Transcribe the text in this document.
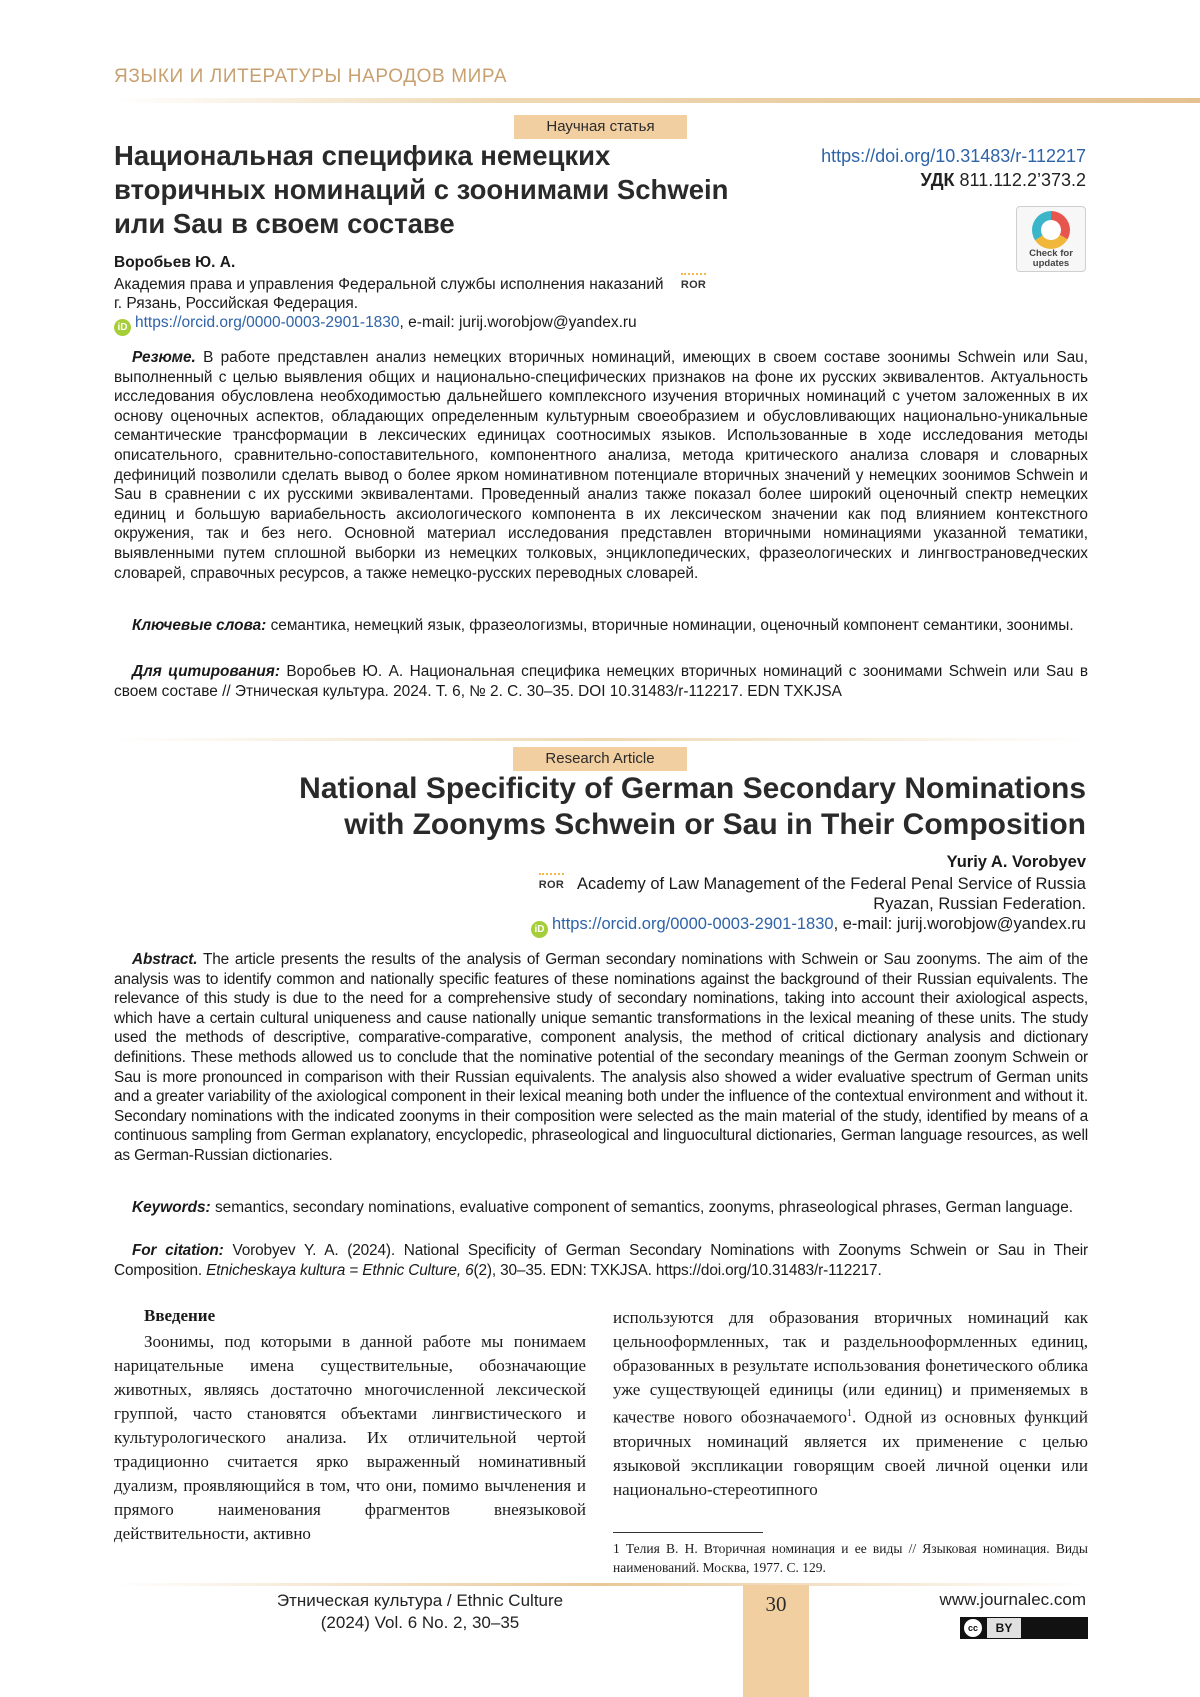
ЯЗЫКИ И ЛИТЕРАТУРЫ НАРОДОВ МИРА
Научная статья
Национальная специфика немецких вторичных номинаций с зоонимами Schwein или Sau в своем составе
https://doi.org/10.31483/r-112217
УДК 811.112.2’373.2
Check for updates
Воробьев Ю. А.
Академия права и управления Федеральной службы исполнения наказаний ROR
г. Рязань, Российская Федерация.
iD https://orcid.org/0000-0003-2901-1830, e-mail: jurij.worobjow@yandex.ru
Резюме. В работе представлен анализ немецких вторичных номинаций, имеющих в своем составе зоонимы Schwein или Sau, выполненный с целью выявления общих и национально-специфических признаков на фоне их русских эквивалентов. Актуальность исследования обусловлена необходимостью дальнейшего комплексного изучения вторичных номинаций с учетом заложенных в их основу оценочных аспектов, обладающих определенным культурным своеобразием и обусловливающих национально-уникальные семантические трансформации в лексических единицах соотносимых языков. Использованные в ходе исследования методы описательного, сравнительно-сопоставительного, компонентного анализа, метода критического анализа словаря и словарных дефиниций позволили сделать вывод о более ярком номинативном потенциале вторичных значений у немецких зоонимов Schwein и Sau в сравнении с их русскими эквивалентами. Проведенный анализ также показал более широкий оценочный спектр немецких единиц и большую вариабельность аксиологического компонента в их лексическом значении как под влиянием контекстного окружения, так и без него. Основной материал исследования представлен вторичными номинациями указанной тематики, выявленными путем сплошной выборки из немецких толковых, энциклопедических, фразеологических и лингвострановедческих словарей, справочных ресурсов, а также немецко-русских переводных словарей.
Ключевые слова: семантика, немецкий язык, фразеологизмы, вторичные номинации, оценочный компонент семантики, зоонимы.
Для цитирования: Воробьев Ю. А. Национальная специфика немецких вторичных номинаций с зоонимами Schwein или Sau в своем составе // Этническая культура. 2024. Т. 6, № 2. С. 30–35. DOI 10.31483/r-112217. EDN TXKJSA
Research Article
National Specificity of German Secondary Nominations
with Zoonyms Schwein or Sau in Their Composition
Yuriy A. Vorobyev
ROR Academy of Law Management of the Federal Penal Service of Russia
Ryazan, Russian Federation.
iD https://orcid.org/0000-0003-2901-1830, e-mail: jurij.worobjow@yandex.ru
Abstract. The article presents the results of the analysis of German secondary nominations with Schwein or Sau zoonyms. The aim of the analysis was to identify common and nationally specific features of these nominations against the background of their Russian equivalents. The relevance of this study is due to the need for a comprehensive study of secondary nominations, taking into account their axiological aspects, which have a certain cultural uniqueness and cause nationally unique semantic transformations in the lexical meaning of these units. The study used the methods of descriptive, comparative-comparative, component analysis, the method of critical dictionary analysis and dictionary definitions. These methods allowed us to conclude that the nominative potential of the secondary meanings of the German zoonym Schwein or Sau is more pronounced in comparison with their Russian equivalents. The analysis also showed a wider evaluative spectrum of German units and a greater variability of the axiological component in their lexical meaning both under the influence of the contextual environment and without it. Secondary nominations with the indicated zoonyms in their composition were selected as the main material of the study, identified by means of a continuous sampling from German explanatory, encyclopedic, phraseological and linguocultural dictionaries, German language resources, as well as German-Russian dictionaries.
Keywords: semantics, secondary nominations, evaluative component of semantics, zoonyms, phraseological phrases, German language.
For citation: Vorobyev Y. A. (2024). National Specificity of German Secondary Nominations with Zoonyms Schwein or Sau in Their Composition. Etnicheskaya kultura = Ethnic Culture, 6(2), 30–35. EDN: TXKJSA. https://doi.org/10.31483/r-112217.
Введение
Зоонимы, под которыми в данной работе мы понимаем нарицательные имена существительные, обозначающие животных, являясь достаточно многочисленной лексической группой, часто становятся объектами лингвистического и культурологического анализа. Их отличительной чертой традиционно считается ярко выраженный номинативный дуализм, проявляющийся в том, что они, помимо вычленения и прямого наименования фрагментов внеязыковой действительности, активно
используются для образования вторичных номинаций как цельнооформленных, так и раздельнооформленных единиц, образованных в результате использования фонетического облика уже существующей единицы (или единиц) и применяемых в качестве нового обозначаемого$^1$. Одной из основных функций вторичных номинаций является их применение с целью языковой экспликации говорящим своей личной оценки или национально-стереотипного
1 Телия В. Н. Вторичная номинация и ее виды // Языковая номинация. Виды наименований. Москва, 1977. С. 129.
30
Этническая культура / Ethnic Culture
(2024) Vol. 6 No. 2, 30–35
www.journalec.com
cc	BY
